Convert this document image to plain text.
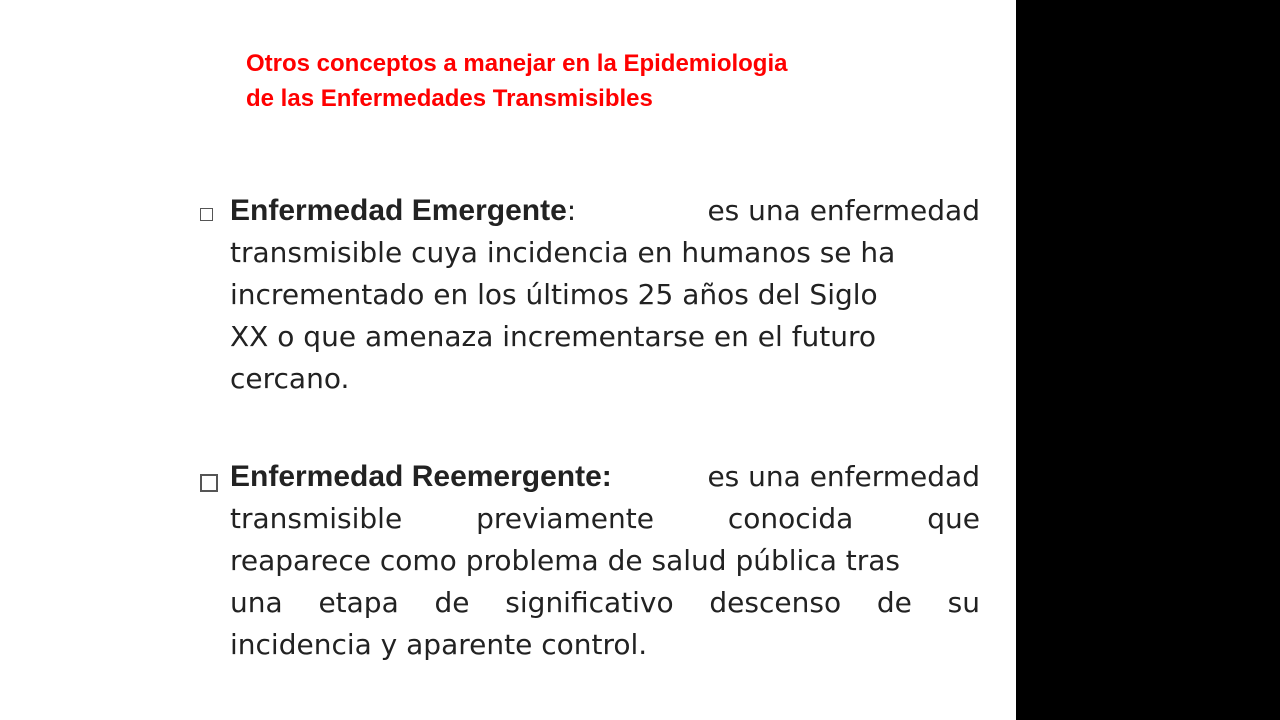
Otros conceptos a manejar en la Epidemiologia
de las Enfermedades Transmisibles
Enfermedad Emergente:	es una enfermedad
transmisible cuya incidencia en humanos se ha
incrementado en los últimos 25 años del Siglo
XX o que amenaza incrementarse en el futuro
cercano.
Enfermedad Reemergente:	es una enfermedad
transmisible	previamente	conocida	que
reaparece como problema de salud pública tras
una etapa de significativo descenso de su
incidencia y aparente control.
